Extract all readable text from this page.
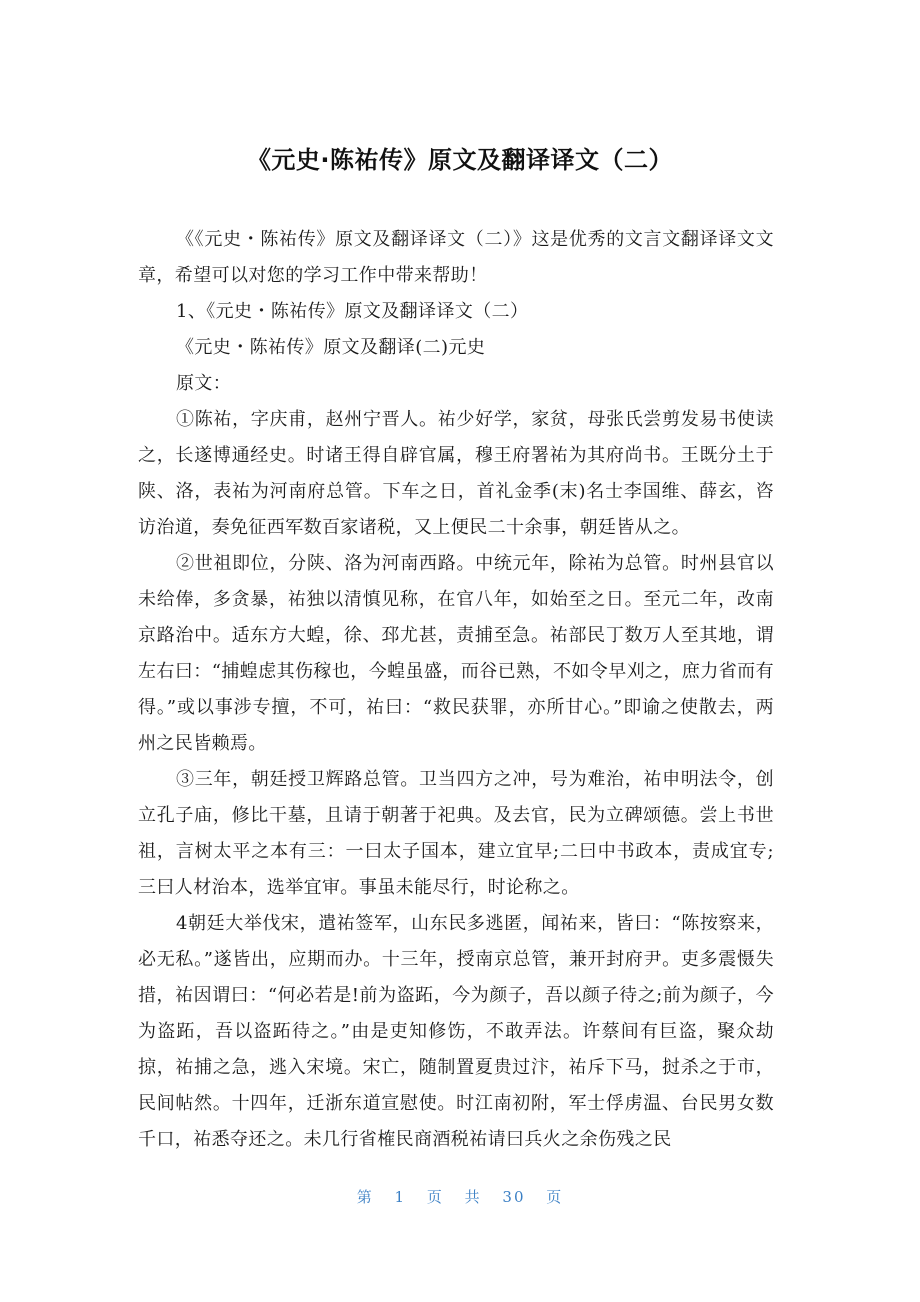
《元史·陈祐传》原文及翻译译文（二）

《《元史・陈祐传》原文及翻译译文（二）》这是优秀的文言文翻译译文文章，希望可以对您的学习工作中带来帮助！

1、《元史・陈祐传》原文及翻译译文（二）

《元史・陈祐传》原文及翻译(二)元史

原文：

①陈祐，字庆甫，赵州宁晋人。祐少好学，家贫，母张氏尝剪发易书使读之，长遂博通经史。时诸王得自辟官属，穆王府署祐为其府尚书。王既分土于陕、洛，表祐为河南府总管。下车之日，首礼金季(末)名士李国维、薛玄，咨访治道，奏免征西军数百家诸税，又上便民二十余事，朝廷皆从之。

②世祖即位，分陕、洛为河南西路。中统元年，除祐为总管。时州县官以未给俸，多贪暴，祐独以清慎见称，在官八年，如始至之日。至元二年，改南京路治中。适东方大蝗，徐、邳尤甚，责捕至急。祐部民丁数万人至其地，谓左右曰：“捕蝗虑其伤稼也，今蝗虽盛，而谷已熟，不如令早刈之，庶力省而有得。”或以事涉专擅，不可，祐曰：“救民获罪，亦所甘心。”即谕之使散去，两州之民皆赖焉。

③三年，朝廷授卫辉路总管。卫当四方之冲，号为难治，祐申明法令，创立孔子庙，修比干墓，且请于朝著于祀典。及去官，民为立碑颂德。尝上书世祖，言树太平之本有三：一曰太子国本，建立宜早;二曰中书政本，责成宜专;三曰人材治本，选举宜审。事虽未能尽行，时论称之。

4朝廷大举伐宋，遣祐签军，山东民多逃匿，闻祐来，皆曰：“陈按察来，必无私。”遂皆出，应期而办。十三年，授南京总管，兼开封府尹。吏多震慑失措，祐因谓曰：“何必若是!前为盗跖，今为颜子，吾以颜子待之;前为颜子，今为盗跖，吾以盗跖待之。”由是吏知修饬，不敢弄法。许蔡间有巨盗，聚众劫掠，祐捕之急，逃入宋境。宋亡，随制置夏贵过汴，祐斥下马，挝杀之于市，民间帖然。十四年，迁浙东道宣慰使。时江南初附，军士俘虏温、台民男女数千口，祐悉夺还之。未几行省榷民商酒税祐请曰兵火之余伤残之民

第 1 页 共 30 页
